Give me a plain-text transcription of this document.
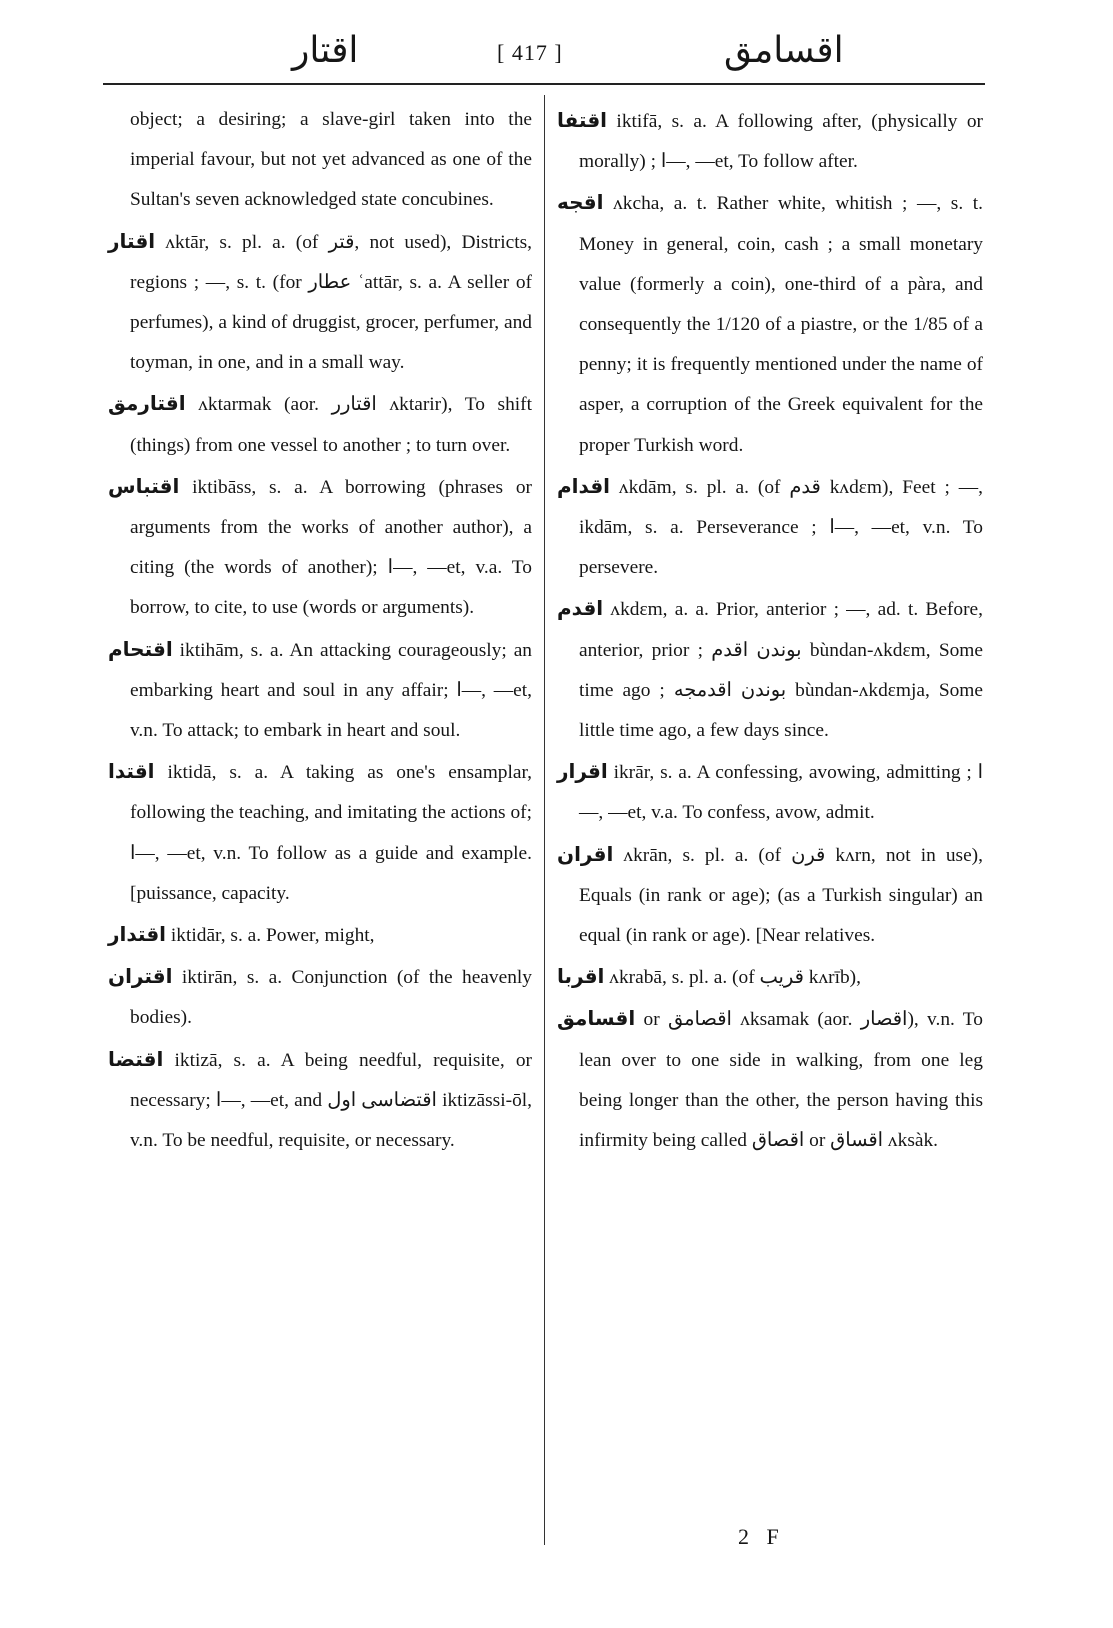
اقتار	[ 417 ]	اقسامق

object; a desiring; a slave-girl taken into the imperial favour, but not yet advanced as one of the Sultan's seven acknowledged state concubines.

اقتار ʌktār, s. pl. a. (of قتر, not used), Districts, regions ; —, s. t. (for عطار ʿattār, s. a. A seller of perfumes), a kind of druggist, grocer, perfumer, and toyman, in one, and in a small way.

اقتارمق ʌktarmak (aor. اقتارر ʌktarir), To shift (things) from one vessel to another ; to turn over.

اقتباس iktibāss, s. a. A borrowing (phrases or arguments from the works of another author), a citing (the words of another); ا—, —et, v.a. To borrow, to cite, to use (words or arguments).

اقتحام iktihām, s. a. An attacking courageously; an embarking heart and soul in any affair; ا—, —et, v.n. To attack; to embark in heart and soul.

اقتدا iktidā, s. a. A taking as one's ensamplar, following the teaching, and imitating the actions of; ا—, —et, v.n. To follow as a guide and example. [puissance, capacity.

اقتدار iktidār, s. a. Power, might,

اقتران iktirān, s. a. Conjunction (of the heavenly bodies).

اقتضا iktizā, s. a. A being needful, requisite, or necessary; ا—, —et, and اقتضاسی اول iktizāssi-ōl, v.n. To be needful, requisite, or necessary.

اقتفا iktifā, s. a. A following after, (physically or morally) ; ا—, —et, To follow after.

اقجه ʌkcha, a. t. Rather white, whitish ; —, s. t. Money in general, coin, cash ; a small monetary value (formerly a coin), one-third of a pàra, and consequently the 1/120 of a piastre, or the 1/85 of a penny; it is frequently mentioned under the name of asper, a corruption of the Greek equivalent for the proper Turkish word.

اقدام ʌkdām, s. pl. a. (of قدم kʌdɛm), Feet ; —, ikdām, s. a. Perseverance ; ا—, —et, v.n. To persevere.

اقدم ʌkdɛm, a. a. Prior, anterior ; —, ad. t. Before, anterior, prior ; بوندن اقدم bùndan-ʌkdɛm, Some time ago ; بوندن اقدمجه bùndan-ʌkdɛmja, Some little time ago, a few days since.

اقرار ikrār, s. a. A confessing, avowing, admitting ; ا—, —et, v.a. To confess, avow, admit.

اقران ʌkrān, s. pl. a. (of قرن kʌrn, not in use), Equals (in rank or age); (as a Turkish singular) an equal (in rank or age). [Near relatives.

اقربا ʌkrabā, s. pl. a. (of قریب kʌrīb),

اقسامق or اقصامق ʌksamak (aor. اقصار), v.n. To lean over to one side in walking, from one leg being longer than the other, the person having this infirmity being called اقصاق or اقساق ʌksàk.

2 F
